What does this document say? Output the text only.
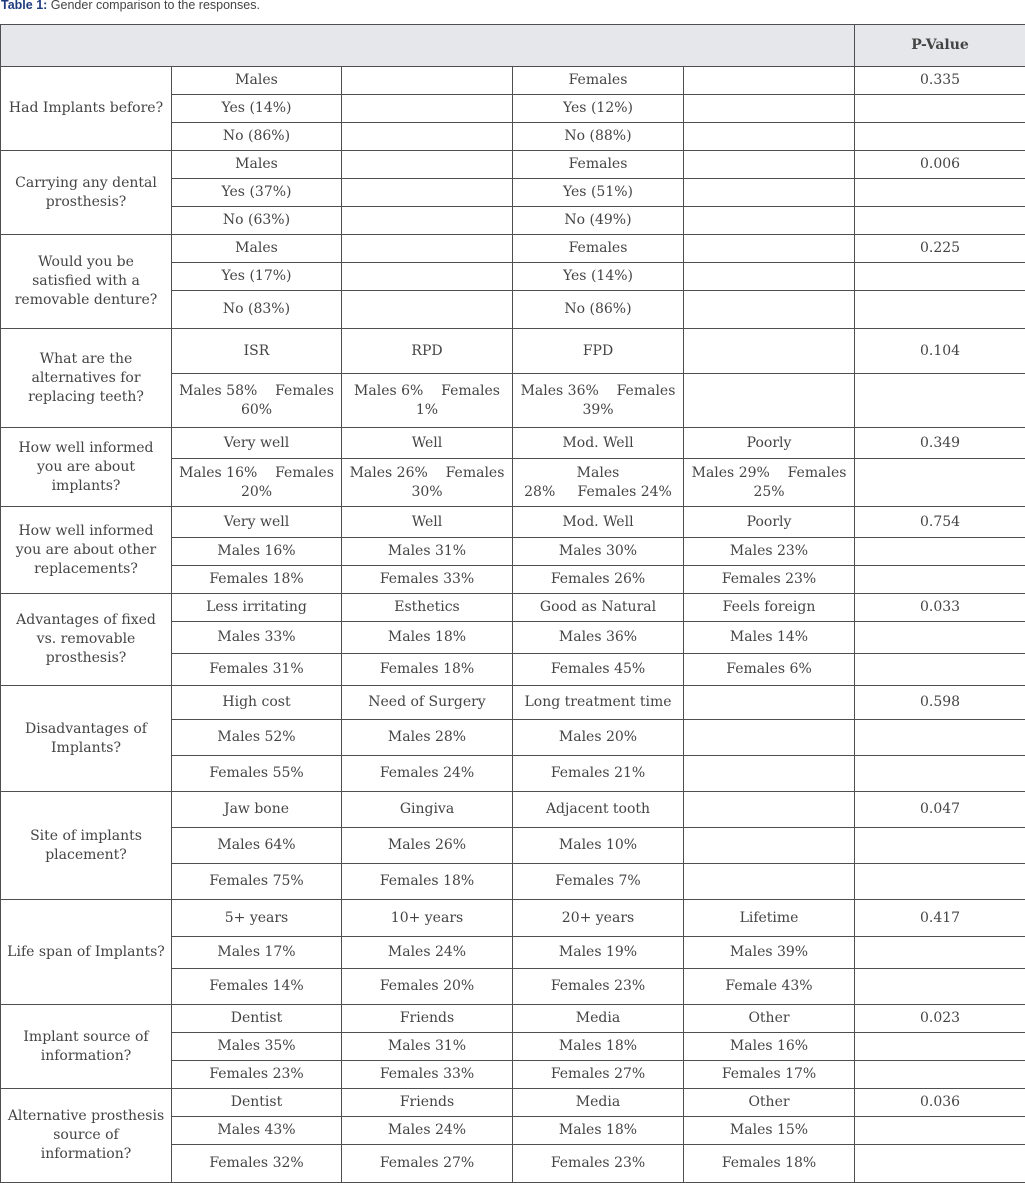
Table 1: Gender comparison to the responses.
					P-Value
Had Implants before?	Males		Females		0.335
	Yes (14%)		Yes (12%)		
	No (86%)		No (88%)		
Carrying any dental prosthesis?	Males		Females		0.006
	Yes (37%)		Yes (51%)		
	No (63%)		No (49%)		
Would you be satisfied with a removable denture?	Males		Females		0.225
	Yes (17%)		Yes (14%)		
	No (83%)		No (86%)		
What are the alternatives for replacing teeth?	ISR	RPD	FPD		0.104
	Males 58%    Females 60%	Males 6%    Females 1%	Males 36%    Females 39%		
How well informed you are about implants?	Very well	Well	Mod. Well	Poorly	0.349
	Males 16%    Females 20%	Males 26%    Females 30%	Males 28%     Females 24%	Males 29%    Females 25%	
How well informed you are about other replacements?	Very well	Well	Mod. Well	Poorly	0.754
	Males 16%	Males 31%	Males 30%	Males 23%	
	Females 18%	Females 33%	Females 26%	Females 23%	
Advantages of fixed vs. removable prosthesis?	Less irritating	Esthetics	Good as Natural	Feels foreign	0.033
	Males 33%	Males 18%	Males 36%	Males 14%	
	Females 31%	Females 18%	Females 45%	Females 6%	
Disadvantages of Implants?	High cost	Need of Surgery	Long treatment time		0.598
	Males 52%	Males 28%	Males 20%		
	Females 55%	Females 24%	Females 21%		
Site of implants placement?	Jaw bone	Gingiva	Adjacent tooth		0.047
	Males 64%	Males 26%	Males 10%		
	Females 75%	Females 18%	Females 7%		
Life span of Implants?	5+ years	10+ years	20+ years	Lifetime	0.417
	Males 17%	Males 24%	Males 19%	Males 39%	
	Females 14%	Females 20%	Females 23%	Female 43%	
Implant source of information?	Dentist	Friends	Media	Other	0.023
	Males 35%	Males 31%	Males 18%	Males 16%	
	Females 23%	Females 33%	Females 27%	Females 17%	
Alternative prosthesis source of information?	Dentist	Friends	Media	Other	0.036
	Males 43%	Males 24%	Males 18%	Males 15%	
	Females 32%	Females 27%	Females 23%	Females 18%	
